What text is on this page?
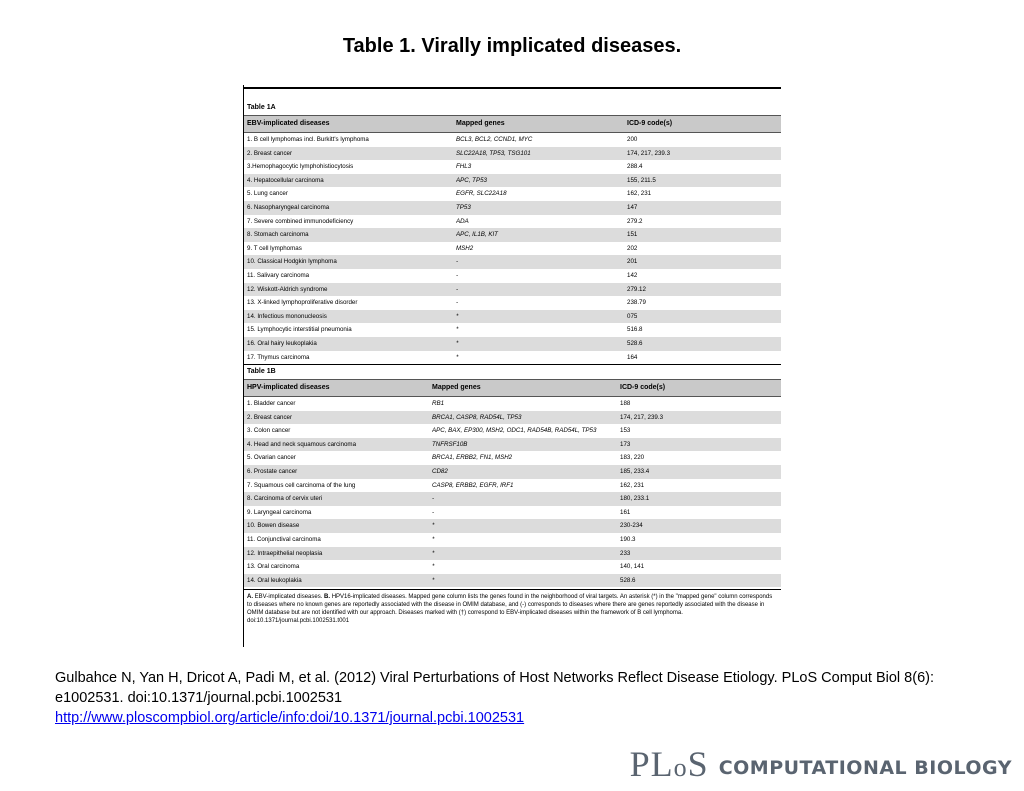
Table 1. Virally implicated diseases.
Table 1A
EBV-implicated diseases	Mapped genes	ICD-9 code(s)
1. B cell lymphomas incl. Burkitt's lymphoma	BCL3, BCL2, CCND1, MYC	200
2. Breast cancer	SLC22A18, TP53, TSG101	174, 217, 239.3
3.Hemophagocytic lymphohistiocytosis	FHL3	288.4
4. Hepatocellular carcinoma	APC, TP53	155, 211.5
5. Lung cancer	EGFR, SLC22A18	162, 231
6. Nasopharyngeal carcinoma	TP53	147
7. Severe combined immunodeficiency	ADA	279.2
8. Stomach carcinoma	APC, IL1B, KIT	151
9. T cell lymphomas	MSH2	202
10. Classical Hodgkin lymphoma	-	201
11. Salivary carcinoma	-	142
12. Wiskott-Aldrich syndrome	-	279.12
13. X-linked lymphoproliferative disorder	-	238.79
14. Infectious mononucleosis	*	075
15. Lymphocytic interstitial pneumonia	*	516.8
16. Oral hairy leukoplakia	*	528.6
17. Thymus carcinoma	*	164
Table 1B
HPV-implicated diseases	Mapped genes	ICD-9 code(s)
1. Bladder cancer	RB1	188
2. Breast cancer	BRCA1, CASP8, RAD54L, TP53	174, 217, 239.3
3. Colon cancer	APC, BAX, EP300, MSH2, ODC1, RAD54B, RAD54L, TP53	153
4. Head and neck squamous carcinoma	TNFRSF10B	173
5. Ovarian cancer	BRCA1, ERBB2, FN1, MSH2	183, 220
6. Prostate cancer	CD82	185, 233.4
7. Squamous cell carcinoma of the lung	CASP8, ERBB2, EGFR, IRF1	162, 231
8. Carcinoma of cervix uteri	-	180, 233.1
9. Laryngeal carcinoma	-	161
10. Bowen disease	*	230-234
11. Conjunctival carcinoma	*	190.3
12. Intraepithelial neoplasia	*	233
13. Oral carcinoma	*	140, 141
14. Oral leukoplakia	*	528.6
A. EBV-implicated diseases. B. HPV16-implicated diseases. Mapped gene column lists the genes found in the neighborhood of viral targets. An asterisk (*) in the "mapped gene" column corresponds to diseases where no known genes are reportedly associated with the disease in OMIM database, and (-) corresponds to diseases where there are genes reportedly associated with the disease in OMIM database but are not identified with our approach. Diseases marked with (†) correspond to EBV-implicated diseases within the framework of B cell lymphoma.
doi:10.1371/journal.pcbi.1002531.t001
Gulbahce N, Yan H, Dricot A, Padi M, et al. (2012) Viral Perturbations of Host Networks Reflect Disease Etiology. PLoS Comput Biol 8(6): e1002531. doi:10.1371/journal.pcbi.1002531
http://www.ploscompbiol.org/article/info:doi/10.1371/journal.pcbi.1002531
PLoS COMPUTATIONAL BIOLOGY
